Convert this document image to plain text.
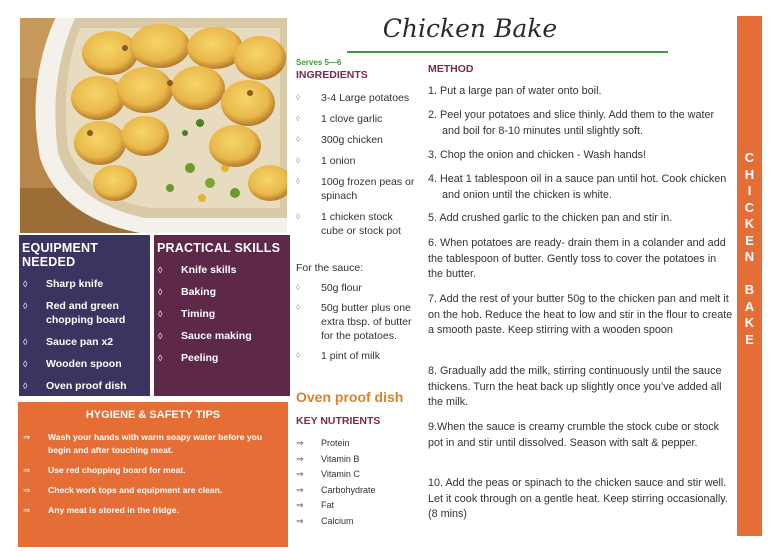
EQUIPMENT NEEDED
◊ Sharp knife
◊ Red and green chopping board
◊ Sauce pan x2
◊ Wooden spoon
◊ Oven proof dish
PRACTICAL SKILLS
◊ Knife skills
◊ Baking
◊ Timing
◊ Sauce making
◊ Peeling
HYGIENE & SAFETY TIPS
⇒ Wash your hands with warm soapy water before you begin and after touching meat.
⇒ Use red chopping board for meat.
⇒ Check work tops and equipment are clean.
⇒ Any meat is stored in the fridge.
Chicken Bake
Serves 5—6
INGREDIENTS
◊ 3-4 Large potatoes
◊ 1 clove garlic
◊ 300g chicken
◊ 1 onion
◊ 100g frozen peas or spinach
◊ 1 chicken stock cube or stock pot
For the sauce:
◊ 50g flour
◊ 50g butter plus one extra tbsp. of butter for the potatoes.
◊ 1 pint of milk
Oven proof dish
KEY NUTRIENTS
⇒ Protein
⇒ Vitamin B
⇒ Vitamin C
⇒ Carbohydrate
⇒ Fat
⇒ Calcium
METHOD
1. Put a large pan of water onto boil.
2. Peel your potatoes and slice thinly. Add them to the water and boil for 8-10 minutes until slightly soft.
3. Chop the onion and chicken - Wash hands!
4. Heat 1 tablespoon oil in a sauce pan until hot. Cook chicken and onion until the chicken is white.
5. Add crushed garlic to the chicken pan and stir in.
6. When potatoes are ready- drain them in a colander and add the tablespoon of butter. Gently toss to cover the potatoes in the butter.
7. Add the rest of your butter 50g to the chicken pan and melt it on the hob. Reduce the heat to low and stir in the flour to create a smooth paste. Keep stirring with a wooden spoon
8. Gradually add the milk, stirring continuously until the sauce thickens. Turn the heat back up slightly once you’ve added all the milk.
9.When the sauce is creamy crumble the stock cube or stock pot in and stir until dissolved. Season with salt & pepper.
10. Add the peas or spinach to the chicken sauce and stir well. Let it cook through on a gentle heat. Keep stirring occasionally. (8 mins)
C
H
I
C
K
E
N
B
A
K
E
